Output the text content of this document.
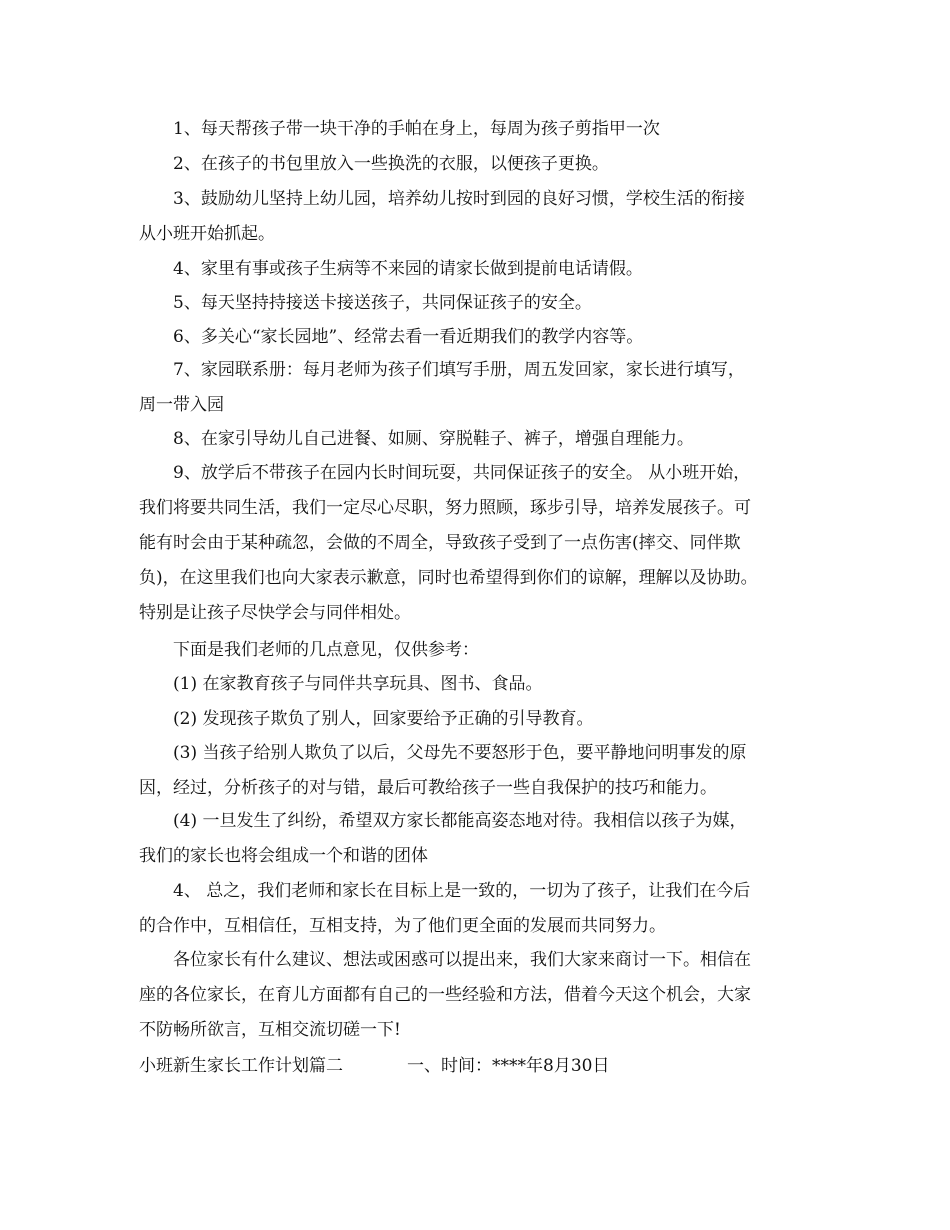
1、每天帮孩子带一块干净的手帕在身上，每周为孩子剪指甲一次

2、在孩子的书包里放入一些换洗的衣服，以便孩子更换。

3、鼓励幼儿坚持上幼儿园，培养幼儿按时到园的良好习惯，学校生活的衔接
从小班开始抓起。

4、家里有事或孩子生病等不来园的请家长做到提前电话请假。

5、每天坚持持接送卡接送孩子，共同保证孩子的安全。

6、多关心“家长园地”、经常去看一看近期我们的教学内容等。

7、家园联系册：每月老师为孩子们填写手册，周五发回家，家长进行填写，
周一带入园

8、在家引导幼儿自己进餐、如厕、穿脱鞋子、裤子，增强自理能力。

9、放学后不带孩子在园内长时间玩耍，共同保证孩子的安全。 从小班开始，
我们将要共同生活，我们一定尽心尽职，努力照顾，琢步引导，培养发展孩子。可
能有时会由于某种疏忽，会做的不周全，导致孩子受到了一点伤害(摔交、同伴欺
负)，在这里我们也向大家表示歉意，同时也希望得到你们的谅解，理解以及协助。
特别是让孩子尽快学会与同伴相处。

下面是我们老师的几点意见，仅供参考：

(1) 在家教育孩子与同伴共享玩具、图书、食品。

(2) 发现孩子欺负了别人，回家要给予正确的引导教育。

(3) 当孩子给别人欺负了以后，父母先不要怒形于色，要平静地问明事发的原
因，经过，分析孩子的对与错，最后可教给孩子一些自我保护的技巧和能力。

(4) 一旦发生了纠纷，希望双方家长都能高姿态地对待。我相信以孩子为媒，
我们的家长也将会组成一个和谐的团体

4、 总之，我们老师和家长在目标上是一致的，一切为了孩子，让我们在今后
的合作中，互相信任，互相支持，为了他们更全面的发展而共同努力。

各位家长有什么建议、想法或困惑可以提出来，我们大家来商讨一下。相信在
座的各位家长，在育儿方面都有自己的一些经验和方法，借着今天这个机会，大家
不防畅所欲言，互相交流切磋一下!

小班新生家长工作计划篇二	一、时间：****年8月30日
